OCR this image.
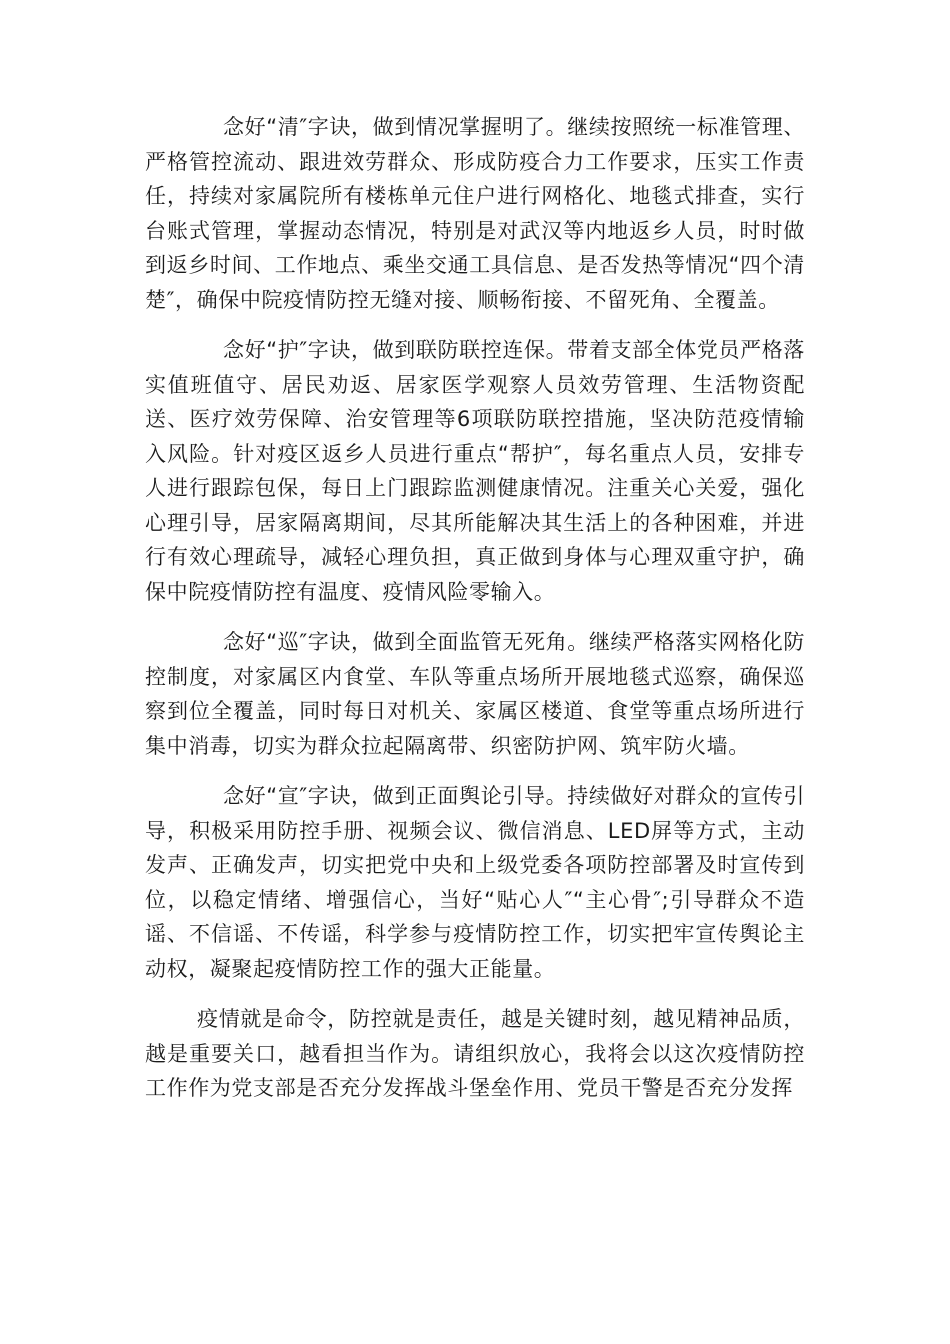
念好“清″字诀，做到情况掌握明了。继续按照统一标准管理、严格管控流动、跟进效劳群众、形成防疫合力工作要求，压实工作责任，持续对家属院所有楼栋单元住户进行网格化、地毯式排查，实行台账式管理，掌握动态情况，特别是对武汉等内地返乡人员，时时做到返乡时间、工作地点、乘坐交通工具信息、是否发热等情况“四个清楚″，确保中院疫情防控无缝对接、顺畅衔接、不留死角、全覆盖。

念好“护″字诀，做到联防联控连保。带着支部全体党员严格落实值班值守、居民劝返、居家医学观察人员效劳管理、生活物资配送、医疗效劳保障、治安管理等6项联防联控措施，坚决防范疫情输入风险。针对疫区返乡人员进行重点“帮护″，每名重点人员，安排专人进行跟踪包保，每日上门跟踪监测健康情况。注重关心关爱，强化心理引导，居家隔离期间，尽其所能解决其生活上的各种困难，并进行有效心理疏导，减轻心理负担，真正做到身体与心理双重守护，确保中院疫情防控有温度、疫情风险零输入。

念好“巡″字诀，做到全面监管无死角。继续严格落实网格化防控制度，对家属区内食堂、车队等重点场所开展地毯式巡察，确保巡察到位全覆盖，同时每日对机关、家属区楼道、食堂等重点场所进行集中消毒，切实为群众拉起隔离带、织密防护网、筑牢防火墙。

念好“宣″字诀，做到正面舆论引导。持续做好对群众的宣传引导，积极采用防控手册、视频会议、微信消息、LED屏等方式，主动发声、正确发声，切实把党中央和上级党委各项防控部署及时宣传到位，以稳定情绪、增强信心，当好“贴心人″“主心骨″;引导群众不造谣、不信谣、不传谣，科学参与疫情防控工作，切实把牢宣传舆论主动权，凝聚起疫情防控工作的强大正能量。

疫情就是命令，防控就是责任，越是关键时刻，越见精神品质，越是重要关口，越看担当作为。请组织放心，我将会以这次疫情防控工作作为党支部是否充分发挥战斗堡垒作用、党员干警是否充分发挥
